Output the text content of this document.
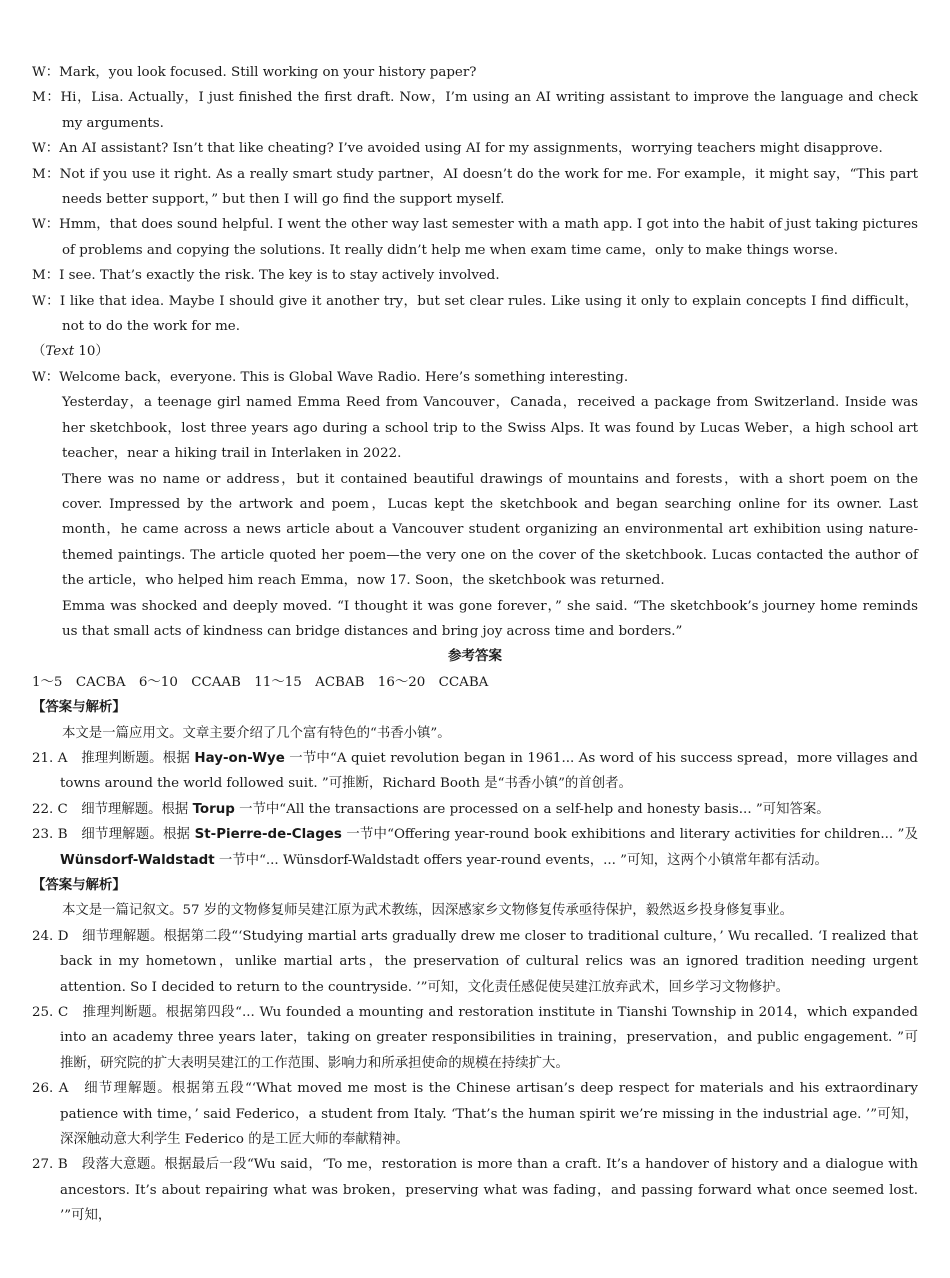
W：Mark，you look focused. Still working on your history paper?

M：Hi，Lisa. Actually，I just finished the first draft. Now，I’m using an AI writing assistant to improve the language and check my arguments.

W：An AI assistant? Isn’t that like cheating? I’ve avoided using AI for my assignments，worrying teachers might disapprove.

M：Not if you use it right. As a really smart study partner，AI doesn’t do the work for me. For example，it might say，“This part needs better support，” but then I will go find the support myself.

W：Hmm，that does sound helpful. I went the other way last semester with a math app. I got into the habit of just taking pictures of problems and copying the solutions. It really didn’t help me when exam time came，only to make things worse.

M：I see. That’s exactly the risk. The key is to stay actively involved.

W：I like that idea. Maybe I should give it another try，but set clear rules. Like using it only to explain concepts I find difficult，not to do the work for me.

（Text 10）

W：Welcome back，everyone. This is Global Wave Radio. Here’s something interesting.

Yesterday，a teenage girl named Emma Reed from Vancouver，Canada，received a package from Switzerland. Inside was her sketchbook，lost three years ago during a school trip to the Swiss Alps. It was found by Lucas Weber，a high school art teacher，near a hiking trail in Interlaken in 2022.

There was no name or address，but it contained beautiful drawings of mountains and forests，with a short poem on the cover. Impressed by the artwork and poem，Lucas kept the sketchbook and began searching online for its owner. Last month，he came across a news article about a Vancouver student organizing an environmental art exhibition using nature-themed paintings. The article quoted her poem—the very one on the cover of the sketchbook. Lucas contacted the author of the article，who helped him reach Emma，now 17. Soon，the sketchbook was returned.

Emma was shocked and deeply moved. “I thought it was gone forever，” she said. “The sketchbook’s journey home reminds us that small acts of kindness can bridge distances and bring joy across time and borders.”

参考答案

1～5　CACBA　6～10　CCAAB　11～15　ACBAB　16～20　CCABA

【答案与解析】

本文是一篇应用文。文章主要介绍了几个富有特色的“书香小镇”。

21. A　推理判断题。根据 Hay-on-Wye 一节中“A quiet revolution began in 1961... As word of his success spread，more villages and towns around the world followed suit. ”可推断，Richard Booth 是“书香小镇”的首创者。

22. C　细节理解题。根据 Torup 一节中“All the transactions are processed on a self-help and honesty basis... ”可知答案。

23. B　细节理解题。根据 St-Pierre-de-Clages 一节中“Offering year-round book exhibitions and literary activities for children... ”及 Wünsdorf-Waldstadt 一节中“... Wünsdorf-Waldstadt offers year-round events，... ”可知，这两个小镇常年都有活动。

【答案与解析】

本文是一篇记叙文。57 岁的文物修复师吴建江原为武术教练，因深感家乡文物修复传承亟待保护，毅然返乡投身修复事业。

24. D　细节理解题。根据第二段“‘Studying martial arts gradually drew me closer to traditional culture，’ Wu recalled. ‘I realized that back in my hometown，unlike martial arts，the preservation of cultural relics was an ignored tradition needing urgent attention. So I decided to return to the countryside. ’”可知，文化责任感促使吴建江放弃武术，回乡学习文物修护。

25. C　推理判断题。根据第四段“... Wu founded a mounting and restoration institute in Tianshi Township in 2014，which expanded into an academy three years later，taking on greater responsibilities in training，preservation，and public engagement. ”可推断，研究院的扩大表明吴建江的工作范围、影响力和所承担使命的规模在持续扩大。

26. A　细节理解题。根据第五段“‘What moved me most is the Chinese artisan’s deep respect for materials and his extraordinary patience with time，’ said Federico，a student from Italy. ‘That’s the human spirit we’re missing in the industrial age. ’”可知，深深触动意大利学生 Federico 的是工匠大师的奉献精神。

27. B　段落大意题。根据最后一段“Wu said，‘To me，restoration is more than a craft. It’s a handover of history and a dialogue with ancestors. It’s about repairing what was broken，preserving what was fading，and passing forward what once seemed lost. ’”可知，
